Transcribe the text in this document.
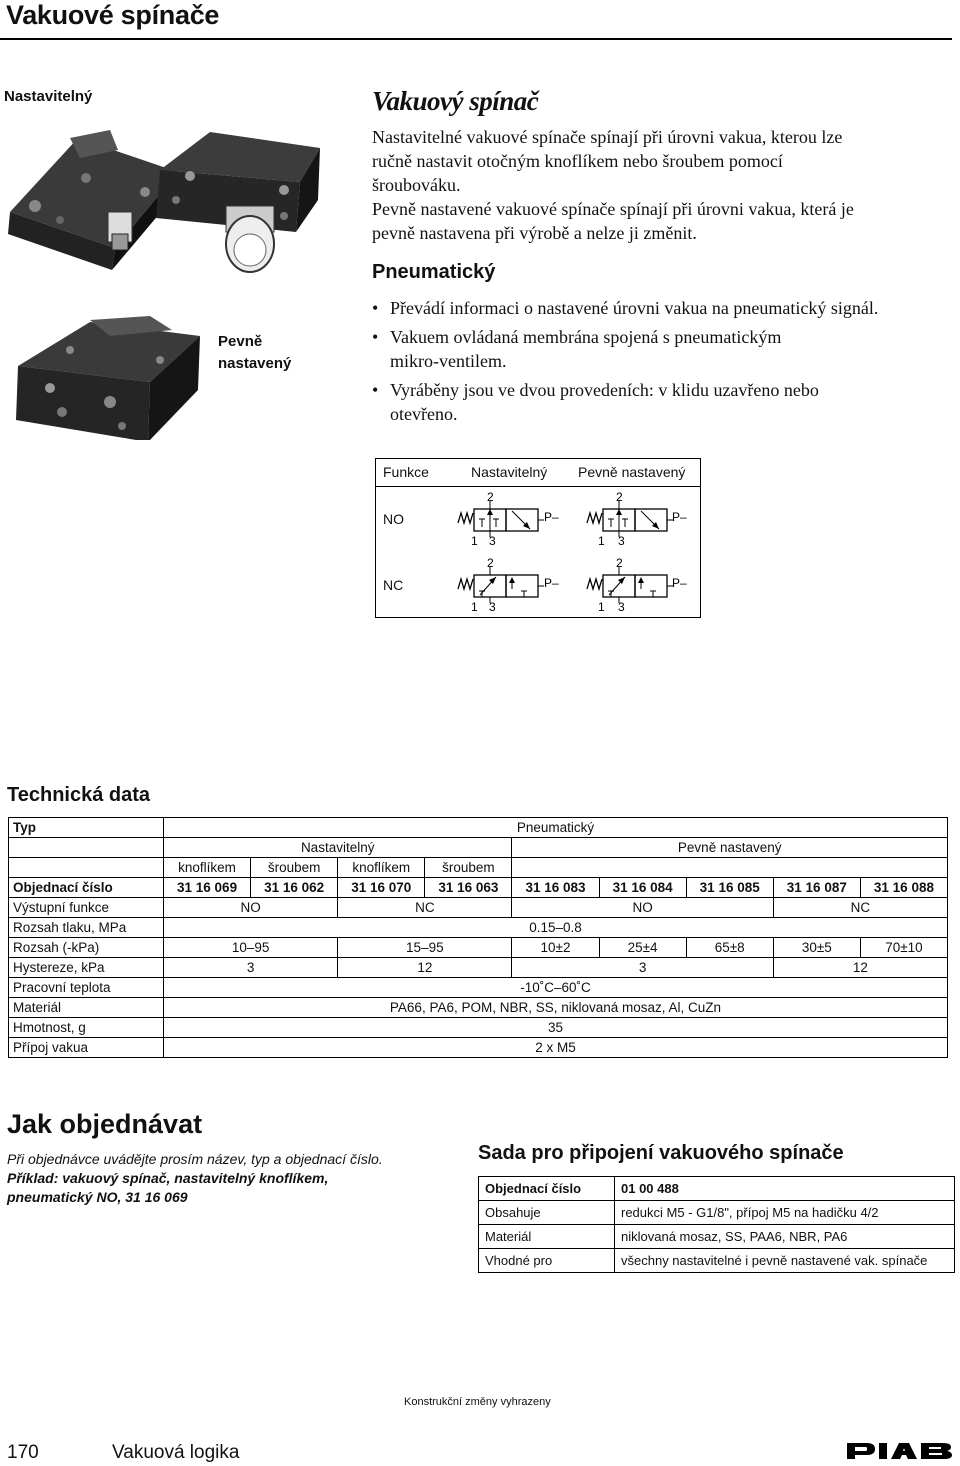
Vakuové spínače
Nastavitelný
Pevně
nastavený
Vakuový spínač
Nastavitelné vakuové spínače spínají při úrovni vakua, kterou lze
ručně nastavit otočným knoflíkem nebo šroubem pomocí
šroubováku.
Pevně nastavené vakuové spínače spínají při úrovni vakua, která je
pevně nastavena při výrobě a nelze ji změnit.
Pneumatický
• Převádí informaci o nastavené úrovni vakua na pneumatický signál.
• Vakuem ovládaná membrána spojená s pneumatickým
mikro-ventilem.
• Vyráběny jsou ve dvou provedeních: v klidu uzavřeno nebo
otevřeno.
Funkce	Nastavitelný Pevně nastavený
NO
NC
2
1 3
P–
2
1 3
P–
2
1 3
P–
2
1 3
P–
Technická data
Typ	Pneumatický								
	Nastavitelný				Pevně nastavený				
	knoflíkem	šroubem	knoflíkem	šroubem					
Objednací číslo	31 16 069	31 16 062	31 16 070	31 16 063	31 16 083	31 16 084	31 16 085	31 16 087	31 16 088
Výstupní funkce	NO		NC		NO			NC	
Rozsah tlaku, MPa	0.15–0.8								
Rozsah (-kPa)	10–95		15–95		10±2	25±4	65±8	30±5	70±10
Hystereze, kPa	3		12		3			12	
Pracovní teplota	-10˚C–60˚C								
Materiál	PA66, PA6, POM, NBR, SS, niklovaná mosaz, Al, CuZn								
Hmotnost, g	35								
Přípoj vakua	2 x M5								
Jak objednávat
Při objednávce uvádějte prosím název, typ a objednací číslo.
Příklad: vakuový spínač, nastavitelný knoflíkem,
pneumatický NO, 31 16 069
Sada pro připojení vakuového spínače
Objednací číslo	01 00 488
Obsahuje	redukci M5 - G1/8", přípoj M5 na hadičku 4/2
Materiál	niklovaná mosaz, SS, PAA6, NBR, PA6
Vhodné pro	všechny nastavitelné i pevně nastavené vak. spínače
Konstrukční změny vyhrazeny
170	Vakuová logika
